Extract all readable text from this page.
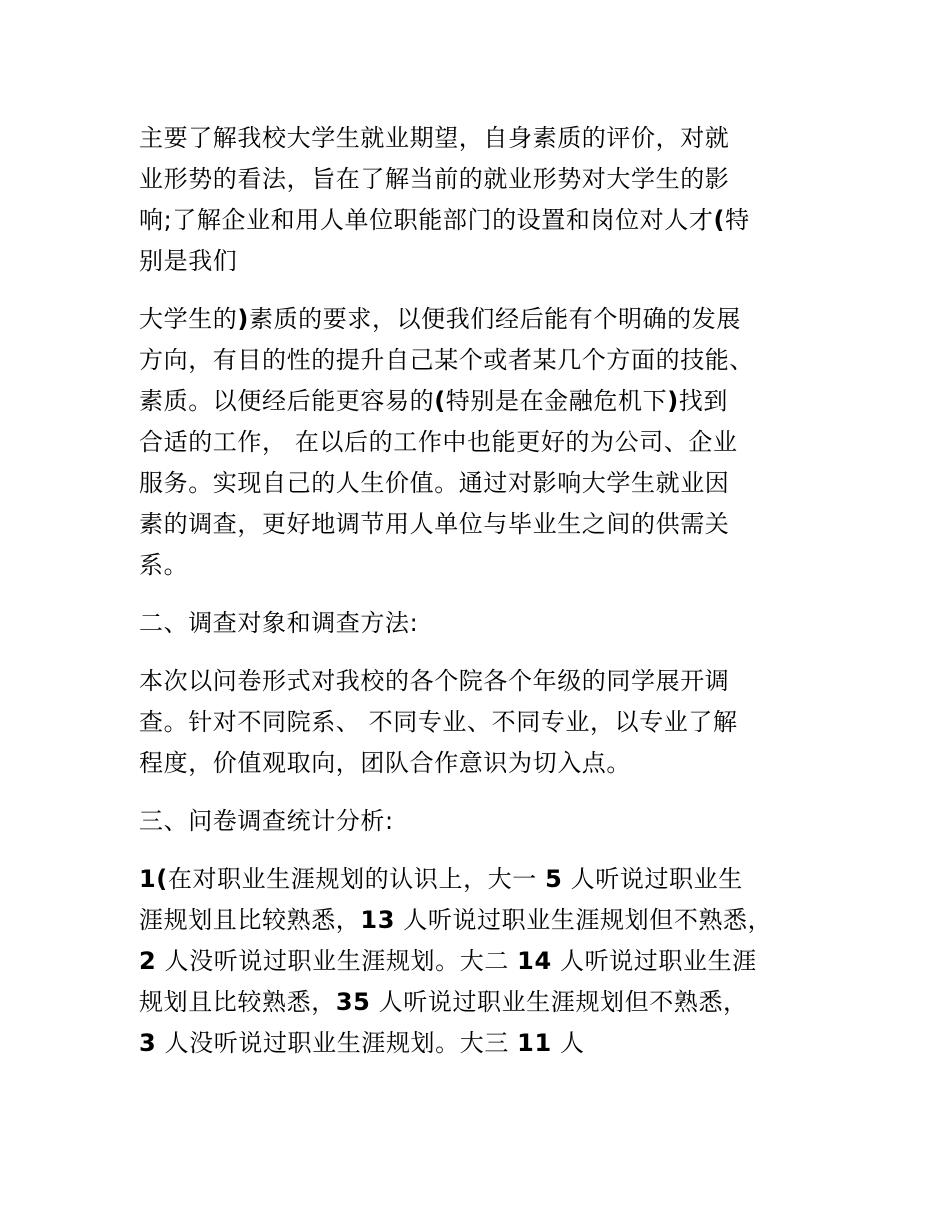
主要了解我校大学生就业期望，自身素质的评价，对就
业形势的看法，旨在了解当前的就业形势对大学生的影
响;了解企业和用人单位职能部门的设置和岗位对人才(特
别是我们
大学生的)素质的要求，以便我们经后能有个明确的发展
方向，有目的性的提升自己某个或者某几个方面的技能、
素质。以便经后能更容易的(特别是在金融危机下)找到
合适的工作， 在以后的工作中也能更好的为公司、企业
服务。实现自己的人生价值。通过对影响大学生就业因
素的调查，更好地调节用人单位与毕业生之间的供需关
系。
二、调查对象和调查方法:
本次以问卷形式对我校的各个院各个年级的同学展开调
查。针对不同院系、 不同专业、不同专业，以专业了解
程度，价值观取向，团队合作意识为切入点。
三、问卷调查统计分析:
1(在对职业生涯规划的认识上，大一 5 人听说过职业生
涯规划且比较熟悉，13 人听说过职业生涯规划但不熟悉，
2 人没听说过职业生涯规划。大二 14 人听说过职业生涯
规划且比较熟悉，35 人听说过职业生涯规划但不熟悉，
3 人没听说过职业生涯规划。大三 11 人
